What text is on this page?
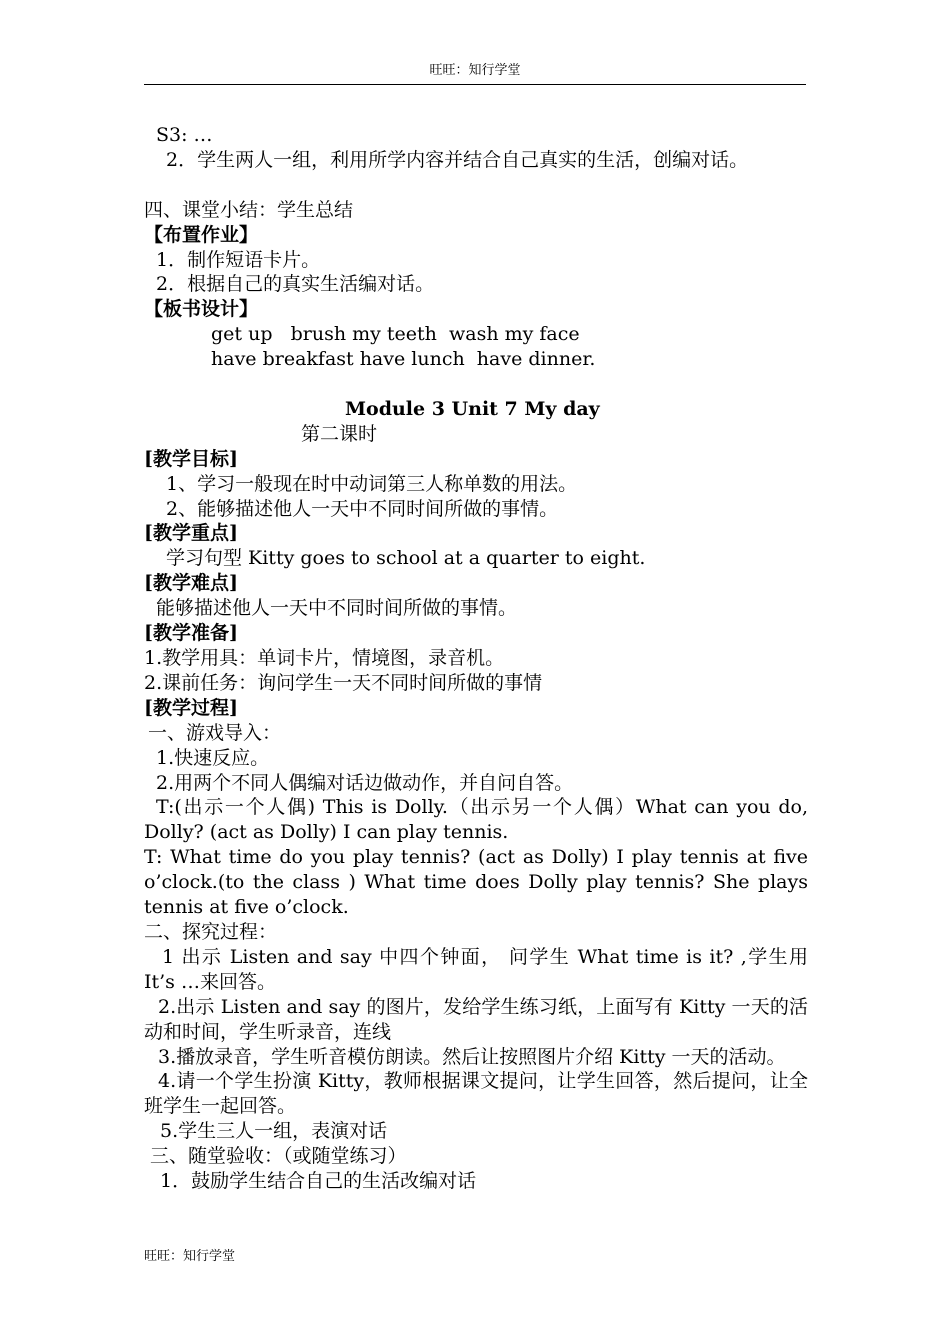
旺旺：知行学堂
S3: …
2．学生两人一组，利用所学内容并结合自己真实的生活，创编对话。
四、课堂小结：学生总结
【布置作业】
1．制作短语卡片。
2．根据自己的真实生活编对话。
【板书设计】
get up   brush my teeth  wash my face
have breakfast have lunch  have dinner.
Module 3 Unit 7 My day
第二课时
[教学目标]
1、学习一般现在时中动词第三人称单数的用法。
2、能够描述他人一天中不同时间所做的事情。
[教学重点]
学习句型 Kitty goes to school at a quarter to eight.
[教学难点]
能够描述他人一天中不同时间所做的事情。
[教学准备]
1.教学用具：单词卡片，情境图，录音机。
2.课前任务：询问学生一天不同时间所做的事情
[教学过程]
一、游戏导入：
1.快速反应。
2.用两个不同人偶编对话边做动作，并自问自答。
T:(出示一个人偶) This is Dolly.（出示另一个人偶）What can you do, Dolly? (act as Dolly) I can play tennis.
T: What time do you play tennis? (act as Dolly) I play tennis at five o’clock.(to the class ) What time does Dolly play tennis? She plays tennis at five o’clock.
二、探究过程：
1 出示 Listen and say 中四个钟面， 问学生 What time is it? ,学生用 It’s …来回答。
2.出示 Listen and say 的图片，发给学生练习纸，上面写有 Kitty 一天的活动和时间，学生听录音，连线
3.播放录音，学生听音模仿朗读。然后让按照图片介绍 Kitty 一天的活动。
4.请一个学生扮演 Kitty，教师根据课文提问，让学生回答，然后提问，让全班学生一起回答。
5.学生三人一组，表演对话
三、随堂验收：（或随堂练习）
1．鼓励学生结合自己的生活改编对话
旺旺：知行学堂
